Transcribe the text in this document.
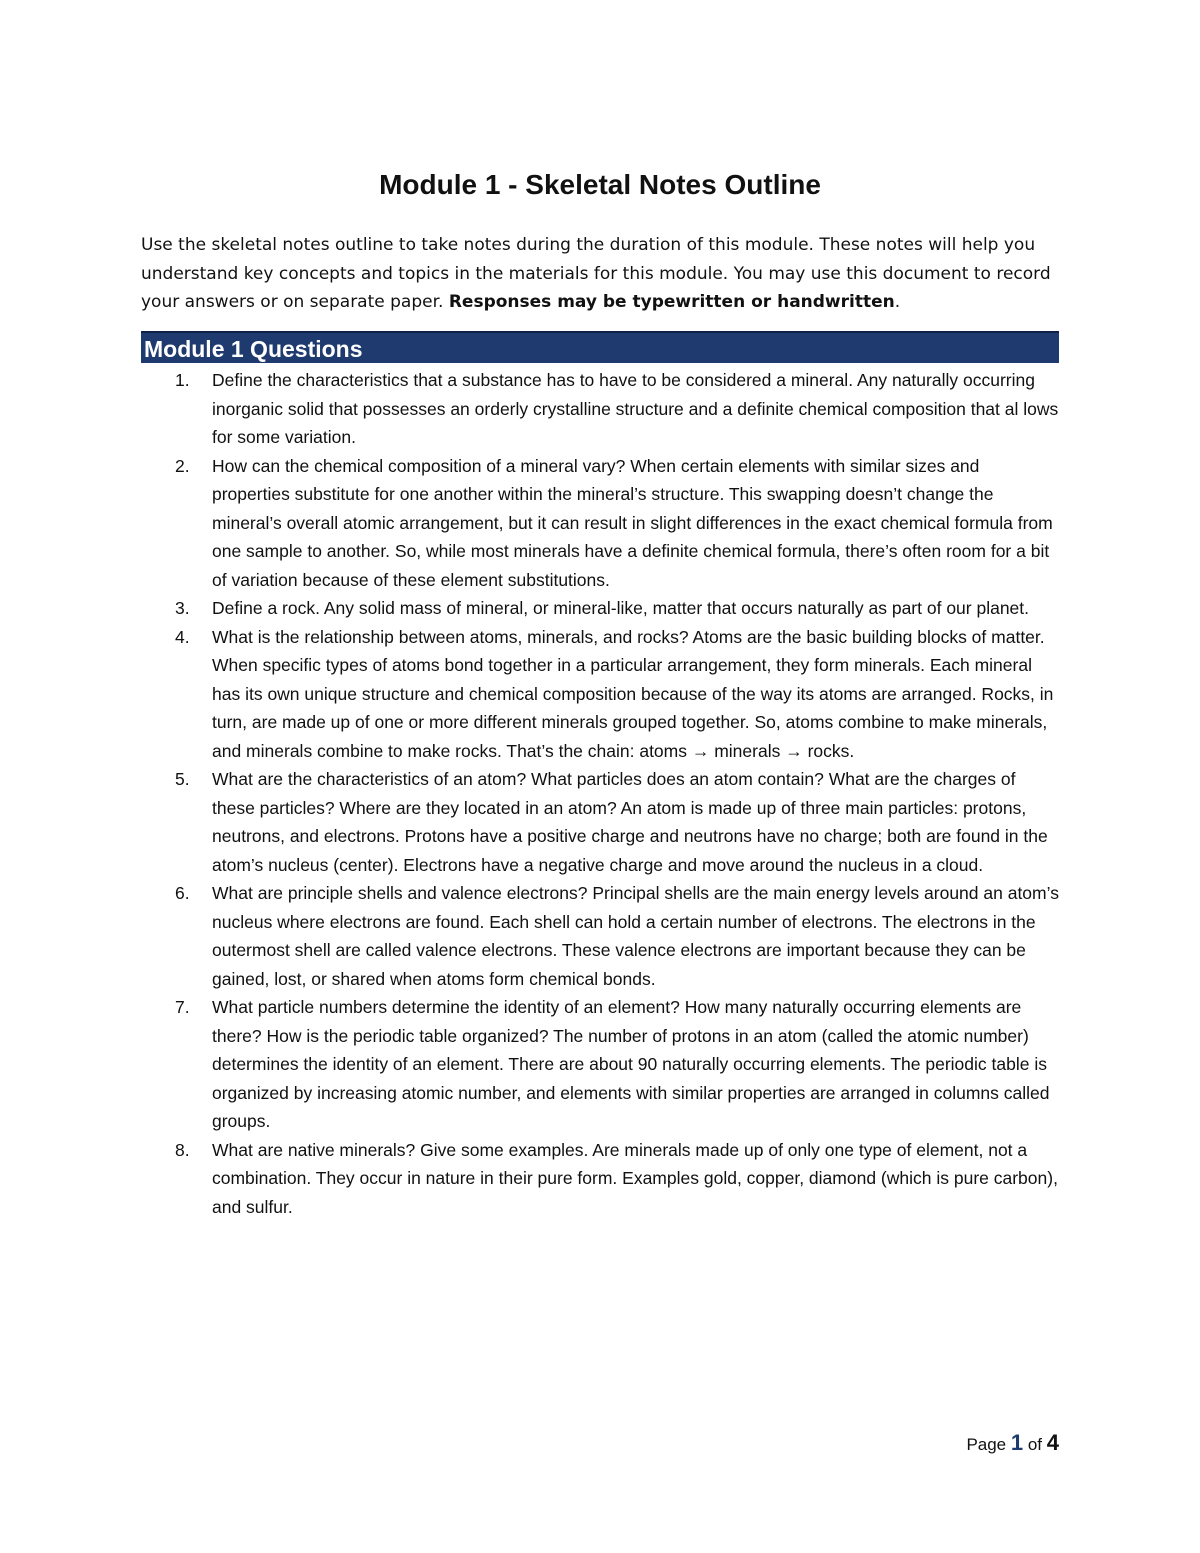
Module 1 - Skeletal Notes Outline

Use the skeletal notes outline to take notes during the duration of this module. These notes will help you understand key concepts and topics in the materials for this module. You may use this document to record your answers or on separate paper. Responses may be typewritten or handwritten.

Module 1 Questions
1. Define the characteristics that a substance has to have to be considered a mineral. Any naturally occurring inorganic solid that possesses an orderly crystalline structure and a definite chemical composition that al lows for some variation.
2. How can the chemical composition of a mineral vary? When certain elements with similar sizes and properties substitute for one another within the mineral’s structure. This swapping doesn’t change the mineral’s overall atomic arrangement, but it can result in slight differences in the exact chemical formula from one sample to another. So, while most minerals have a definite chemical formula, there’s often room for a bit of variation because of these element substitutions.
3. Define a rock. Any solid mass of mineral, or mineral-like, matter that occurs naturally as part of our planet.
4. What is the relationship between atoms, minerals, and rocks? Atoms are the basic building blocks of matter. When specific types of atoms bond together in a particular arrangement, they form minerals. Each mineral has its own unique structure and chemical composition because of the way its atoms are arranged. Rocks, in turn, are made up of one or more different minerals grouped together. So, atoms combine to make minerals, and minerals combine to make rocks. That’s the chain: atoms → minerals → rocks.
5. What are the characteristics of an atom? What particles does an atom contain? What are the charges of these particles? Where are they located in an atom? An atom is made up of three main particles: protons, neutrons, and electrons. Protons have a positive charge and neutrons have no charge; both are found in the atom’s nucleus (center). Electrons have a negative charge and move around the nucleus in a cloud.
6. What are principle shells and valence electrons? Principal shells are the main energy levels around an atom’s nucleus where electrons are found. Each shell can hold a certain number of electrons. The electrons in the outermost shell are called valence electrons. These valence electrons are important because they can be gained, lost, or shared when atoms form chemical bonds.
7. What particle numbers determine the identity of an element? How many naturally occurring elements are there? How is the periodic table organized? The number of protons in an atom (called the atomic number) determines the identity of an element. There are about 90 naturally occurring elements. The periodic table is organized by increasing atomic number, and elements with similar properties are arranged in columns called groups.
8. What are native minerals? Give some examples. Are minerals made up of only one type of element, not a combination. They occur in nature in their pure form. Examples gold, copper, diamond (which is pure carbon), and sulfur.
Page 1 of 4
